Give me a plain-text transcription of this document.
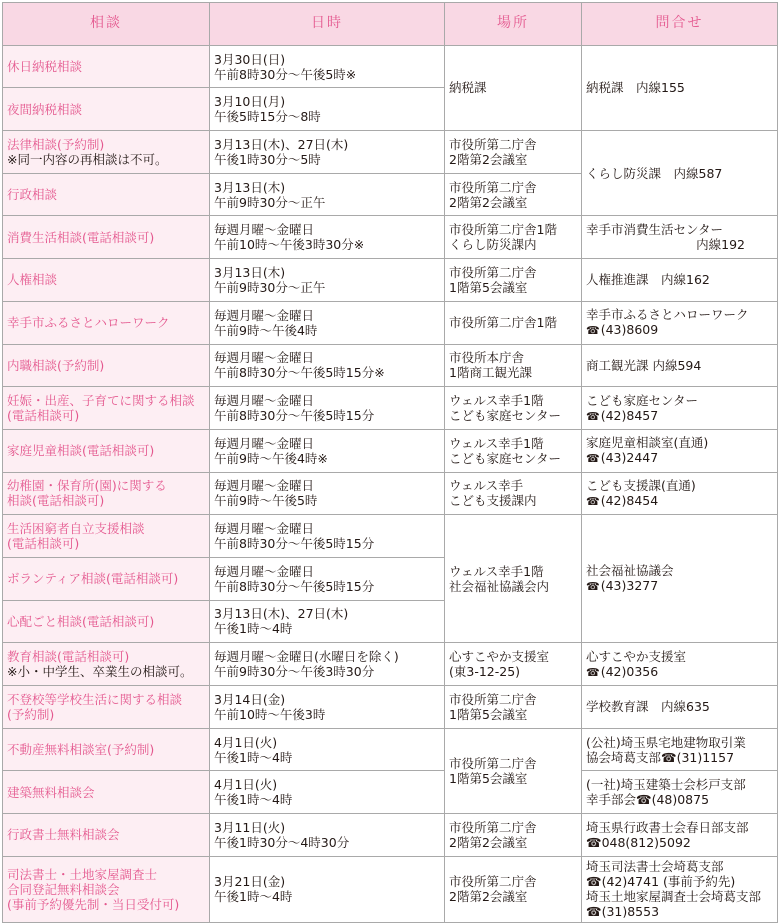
相談	日時	場所	問合せ
休日納税相談	3月30日(日)
午前8時30分～午後5時※	納税課	納税課　内線155
夜間納税相談	3月10日(月)
午後5時15分～8時		
法律相談(予約制)
※同一内容の再相談は不可。	3月13日(木)、27日(木)
午後1時30分～5時	市役所第二庁舎
2階第2会議室	くらし防災課　内線587
行政相談	3月13日(木)
午前9時30分～正午	市役所第二庁舎
2階第2会議室	
消費生活相談(電話相談可)	毎週月曜～金曜日
午前10時～午後3時30分※	市役所第二庁舎1階
くらし防災課内	幸手市消費生活センター

内線192

人権相談	3月13日(木)
午前9時30分～正午	市役所第二庁舎
1階第5会議室	人権推進課　内線162
幸手市ふるさとハローワーク	毎週月曜～金曜日
午前9時～午後4時	市役所第二庁舎1階	幸手市ふるさとハローワーク
☎ (43)8609
内職相談(予約制)	毎週月曜～金曜日
午前8時30分～午後5時15分※	市役所本庁舎
1階商工観光課	商工観光課 内線594
妊娠・出産、子育てに関する相談
(電話相談可)	毎週月曜～金曜日
午前8時30分～午後5時15分	ウェルス幸手1階
こども家庭センター	こども家庭センター
☎ (42)8457
家庭児童相談(電話相談可)	毎週月曜～金曜日
午前9時～午後4時※	ウェルス幸手1階
こども家庭センター	家庭児童相談室(直通)
☎ (43)2447
幼稚園・保育所(園)に関する
相談(電話相談可)	毎週月曜～金曜日
午前9時～午後5時	ウェルス幸手
こども支援課内	こども支援課(直通)
☎ (42)8454
生活困窮者自立支援相談
(電話相談可)	毎週月曜～金曜日
午前8時30分～午後5時15分	ウェルス幸手1階
社会福祉協議会内	社会福祉協議会
☎ (43)3277
ボランティア相談(電話相談可)	毎週月曜～金曜日
午前8時30分～午後5時15分		
心配ごと相談(電話相談可)	3月13日(木)、27日(木)
午後1時～4時		
教育相談(電話相談可)
※小・中学生、卒業生の相談可。	毎週月曜～金曜日(水曜日を除く)
午前9時30分～午後3時30分	心すこやか支援室
(東3-12-25)	心すこやか支援室
☎ (42)0356
不登校等学校生活に関する相談
(予約制)	3月14日(金)
午前10時～午後3時	市役所第二庁舎
1階第5会議室	学校教育課　内線635
不動産無料相談室(予約制)	4月1日(火)
午後1時～4時	市役所第二庁舎
1階第5会議室	(公社)埼玉県宅地建物取引業
協会埼葛支部☎(31)1157
建築無料相談会	4月1日(火)
午後1時～4時		(一社)埼玉建築士会杉戸支部
幸手部会☎(48)0875
行政書士無料相談会	3月11日(火)
午後1時30分～4時30分	市役所第二庁舎
2階第2会議室	埼玉県行政書士会春日部支部
☎048(812)5092
司法書士・土地家屋調査士
合同登記無料相談会
(事前予約優先制・当日受付可)	3月21日(金)
午後1時～4時	市役所第二庁舎
2階第2会議室	埼玉司法書士会埼葛支部
☎(42)4741 (事前予約先)
埼玉土地家屋調査士会埼葛支部
☎(31)8553
